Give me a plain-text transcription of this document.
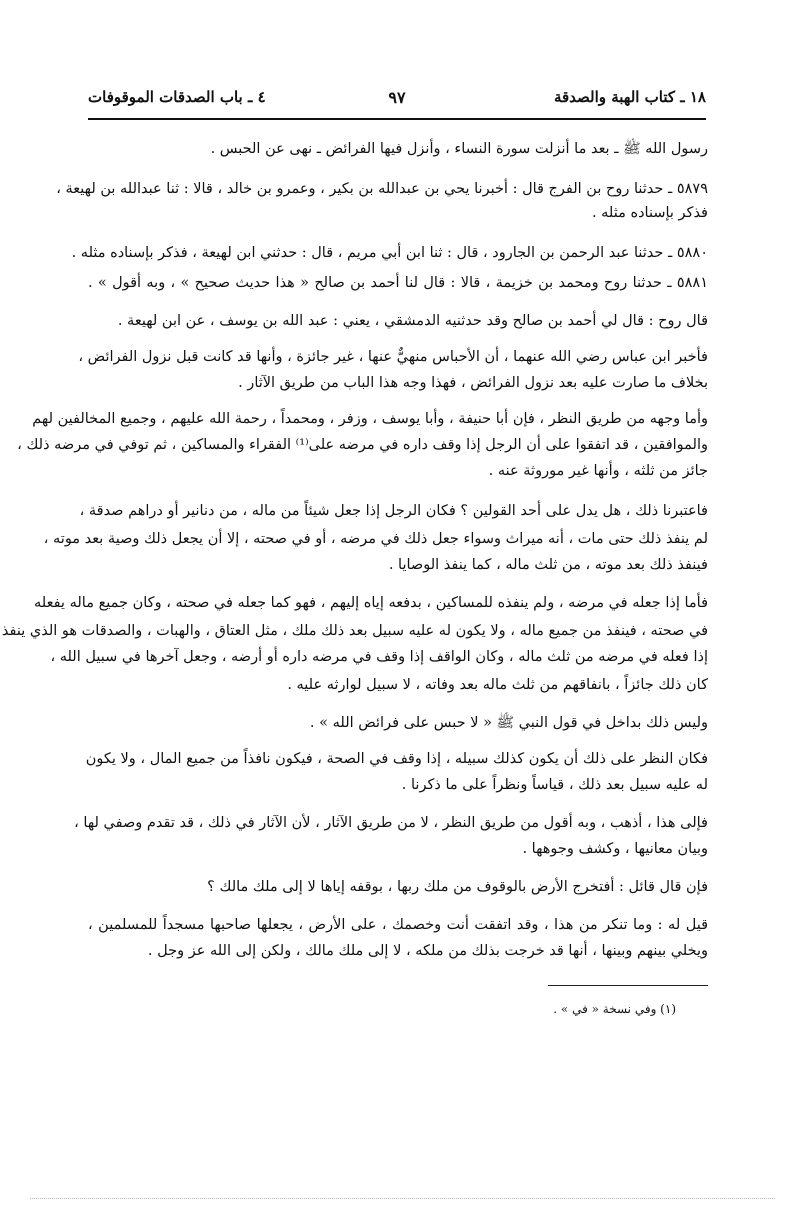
١٨ ـ كتاب الهبة والصدقة
٩٧
٤ ـ باب الصدقات الموقوفات
رسول الله ﷺ ـ بعد ما أنزلت سورة النساء ، وأنزل فيها الفرائض ـ نهى عن الحبس .
٥٨٧٩ ـ حدثنا روح بن الفرج قال : أخبرنا يحي بن عبدالله بن بكير ، وعمرو بن خالد ، قالا : ثنا عبدالله بن لهيعة ،
فذكر بإسناده مثله .
٥٨٨٠ ـ حدثنا عبد الرحمن بن الجارود ، قال : ثنا ابن أبي مريم ، قال : حدثني ابن لهيعة ، فذكر بإسناده مثله .
٥٨٨١ ـ حدثنا روح ومحمد بن خزيمة ، قالا : قال لنا أحمد بن صالح « هذا حديث صحيح » ، وبه أقول » .
قال روح : قال لي أحمد بن صالح وقد حدثنيه الدمشقي ، يعني : عبد الله بن يوسف ، عن ابن لهيعة .
فأخبر ابن عباس رضي الله عنهما ، أن الأحباس منهيٌّ عنها ، غير جائزة ، وأنها قد كانت قبل نزول الفرائض ،
بخلاف ما صارت عليه بعد نزول الفرائض ، فهذا وجه هذا الباب من طريق الآثار .
وأما وجهه من طريق النظر ، فإن أبا حنيفة ، وأبا يوسف ، وزفر ، ومحمداً ، رحمة الله عليهم ، وجميع المخالفين لهم
والموافقين ، قد اتفقوا على أن الرجل إذا وقف داره في مرضه على⁽¹⁾ الفقراء والمساكين ، ثم توفي في مرضه ذلك ،
جائز من ثلثه ، وأنها غير موروثة عنه .
فاعتبرنا ذلك ، هل يدل على أحد القولين ؟ فكان الرجل إذا جعل شيئاً من ماله ، من دنانير أو دراهم صدقة ،
لم ينفذ ذلك حتى مات ، أنه ميراث وسواء جعل ذلك في مرضه ، أو في صحته ، إلا أن يجعل ذلك وصية بعد موته ،
فينفذ ذلك بعد موته ، من ثلث ماله ، كما ينفذ الوصايا .
فأما إذا جعله في مرضه ، ولم ينفذه للمساكين ، بدفعه إياه إليهم ، فهو كما جعله في صحته ، وكان جميع ماله يفعله
في صحته ، فينفذ من جميع ماله ، ولا يكون له عليه سبيل بعد ذلك ملك ، مثل العتاق ، والهبات ، والصدقات هو الذي ينفذ
إذا فعله في مرضه من ثلث ماله ، وكان الواقف إذا وقف في مرضه داره أو أرضه ، وجعل آخرها في سبيل الله ،
كان ذلك جائزاً ، بانفاقهم من ثلث ماله بعد وفاته ، لا سبيل لوارثه عليه .
وليس ذلك بداخل في قول النبي ﷺ « لا حبس على فرائض الله » .
فكان النظر على ذلك أن يكون كذلك سبيله ، إذا وقف في الصحة ، فيكون نافذاً من جميع المال ، ولا يكون
له عليه سبيل بعد ذلك ، قياساً ونظراً على ما ذكرنا .
فإلى هذا ، أذهب ، وبه أقول من طريق النظر ، لا من طريق الآثار ، لأن الآثار في ذلك ، قد تقدم وصفي لها ،
وبيان معانيها ، وكشف وجوهها .
فإن قال قائل : أفتخرج الأرض بالوقوف من ملك ربها ، بوقفه إياها لا إلى ملك مالك ؟
قيل له : وما تنكر من هذا ، وقد اتفقت أنت وخصمك ، على الأرض ، يجعلها صاحبها مسجداً للمسلمين ،
ويخلي بينهم وبينها ، أنها قد خرجت بذلك من ملكه ، لا إلى ملك مالك ، ولكن إلى الله عز وجل .
(١) وفي نسخة « في » .
